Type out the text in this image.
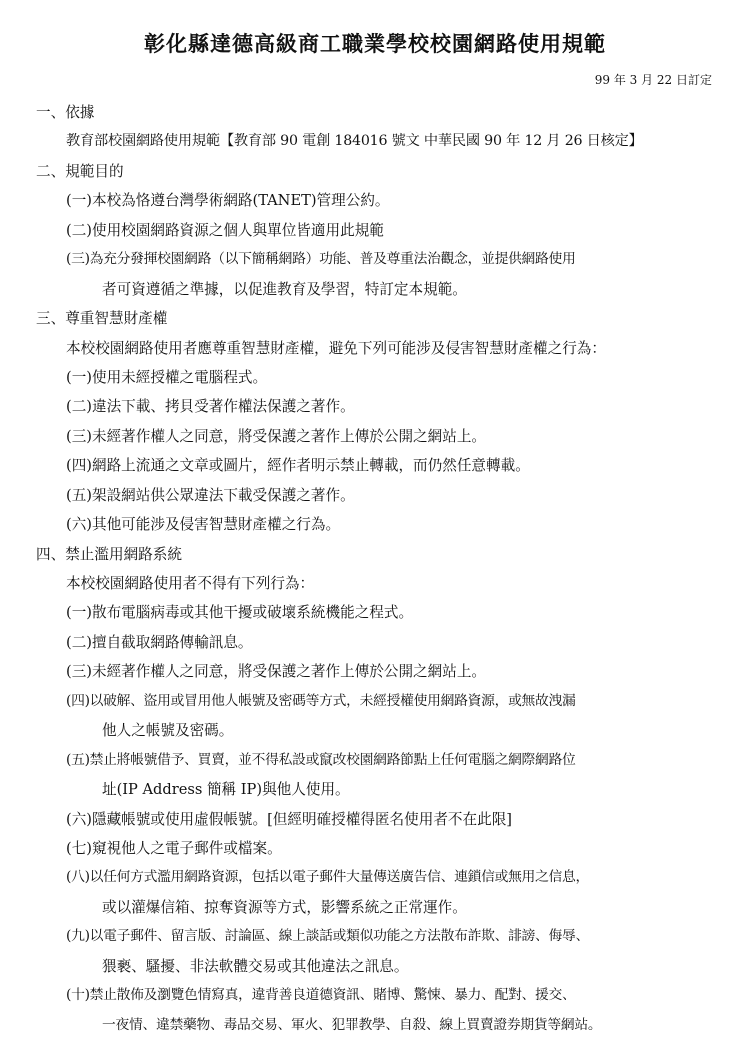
彰化縣達德高級商工職業學校校園網路使用規範
99 年 3 月 22 日訂定
一、依據
教育部校園網路使用規範【教育部 90 電創 184016 號文 中華民國 90 年 12 月 26 日核定】
二、規範目的
(一)本校為恪遵台灣學術網路(TANET)管理公約。
(二)使用校園網路資源之個人與單位皆適用此規範
(三)為充分發揮校園網路（以下簡稱網路）功能、普及尊重法治觀念，並提供網路使用
者可資遵循之準據，以促進教育及學習，特訂定本規範。
三、尊重智慧財產權
本校校園網路使用者應尊重智慧財產權，避免下列可能涉及侵害智慧財產權之行為：
(一)使用未經授權之電腦程式。
(二)違法下載、拷貝受著作權法保護之著作。
(三)未經著作權人之同意，將受保護之著作上傳於公開之網站上。
(四)網路上流通之文章或圖片，經作者明示禁止轉載，而仍然任意轉載。
(五)架設網站供公眾違法下載受保護之著作。
(六)其他可能涉及侵害智慧財產權之行為。
四、禁止濫用網路系統
本校校園網路使用者不得有下列行為：
(一)散布電腦病毒或其他干擾或破壞系統機能之程式。
(二)擅自截取網路傳輸訊息。
(三)未經著作權人之同意，將受保護之著作上傳於公開之網站上。
(四)以破解、盜用或冒用他人帳號及密碼等方式，未經授權使用網路資源，或無故洩漏
他人之帳號及密碼。
(五)禁止將帳號借予、買賣，並不得私設或竄改校園網路節點上任何電腦之網際網路位
址(IP Address 簡稱 IP)與他人使用。
(六)隱藏帳號或使用虛假帳號。[但經明確授權得匿名使用者不在此限]
(七)窺視他人之電子郵件或檔案。
(八)以任何方式濫用網路資源，包括以電子郵件大量傳送廣告信、連鎖信或無用之信息，
或以灌爆信箱、掠奪資源等方式，影響系統之正常運作。
(九)以電子郵件、留言版、討論區、線上談話或類似功能之方法散布詐欺、誹謗、侮辱、
猥褻、騷擾、非法軟體交易或其他違法之訊息。
(十)禁止散佈及瀏覽色情寫真，違背善良道德資訊、賭博、驚悚、暴力、配對、援交、
一夜情、違禁藥物、毒品交易、軍火、犯罪教學、自殺、線上買賣證券期貨等網站。
